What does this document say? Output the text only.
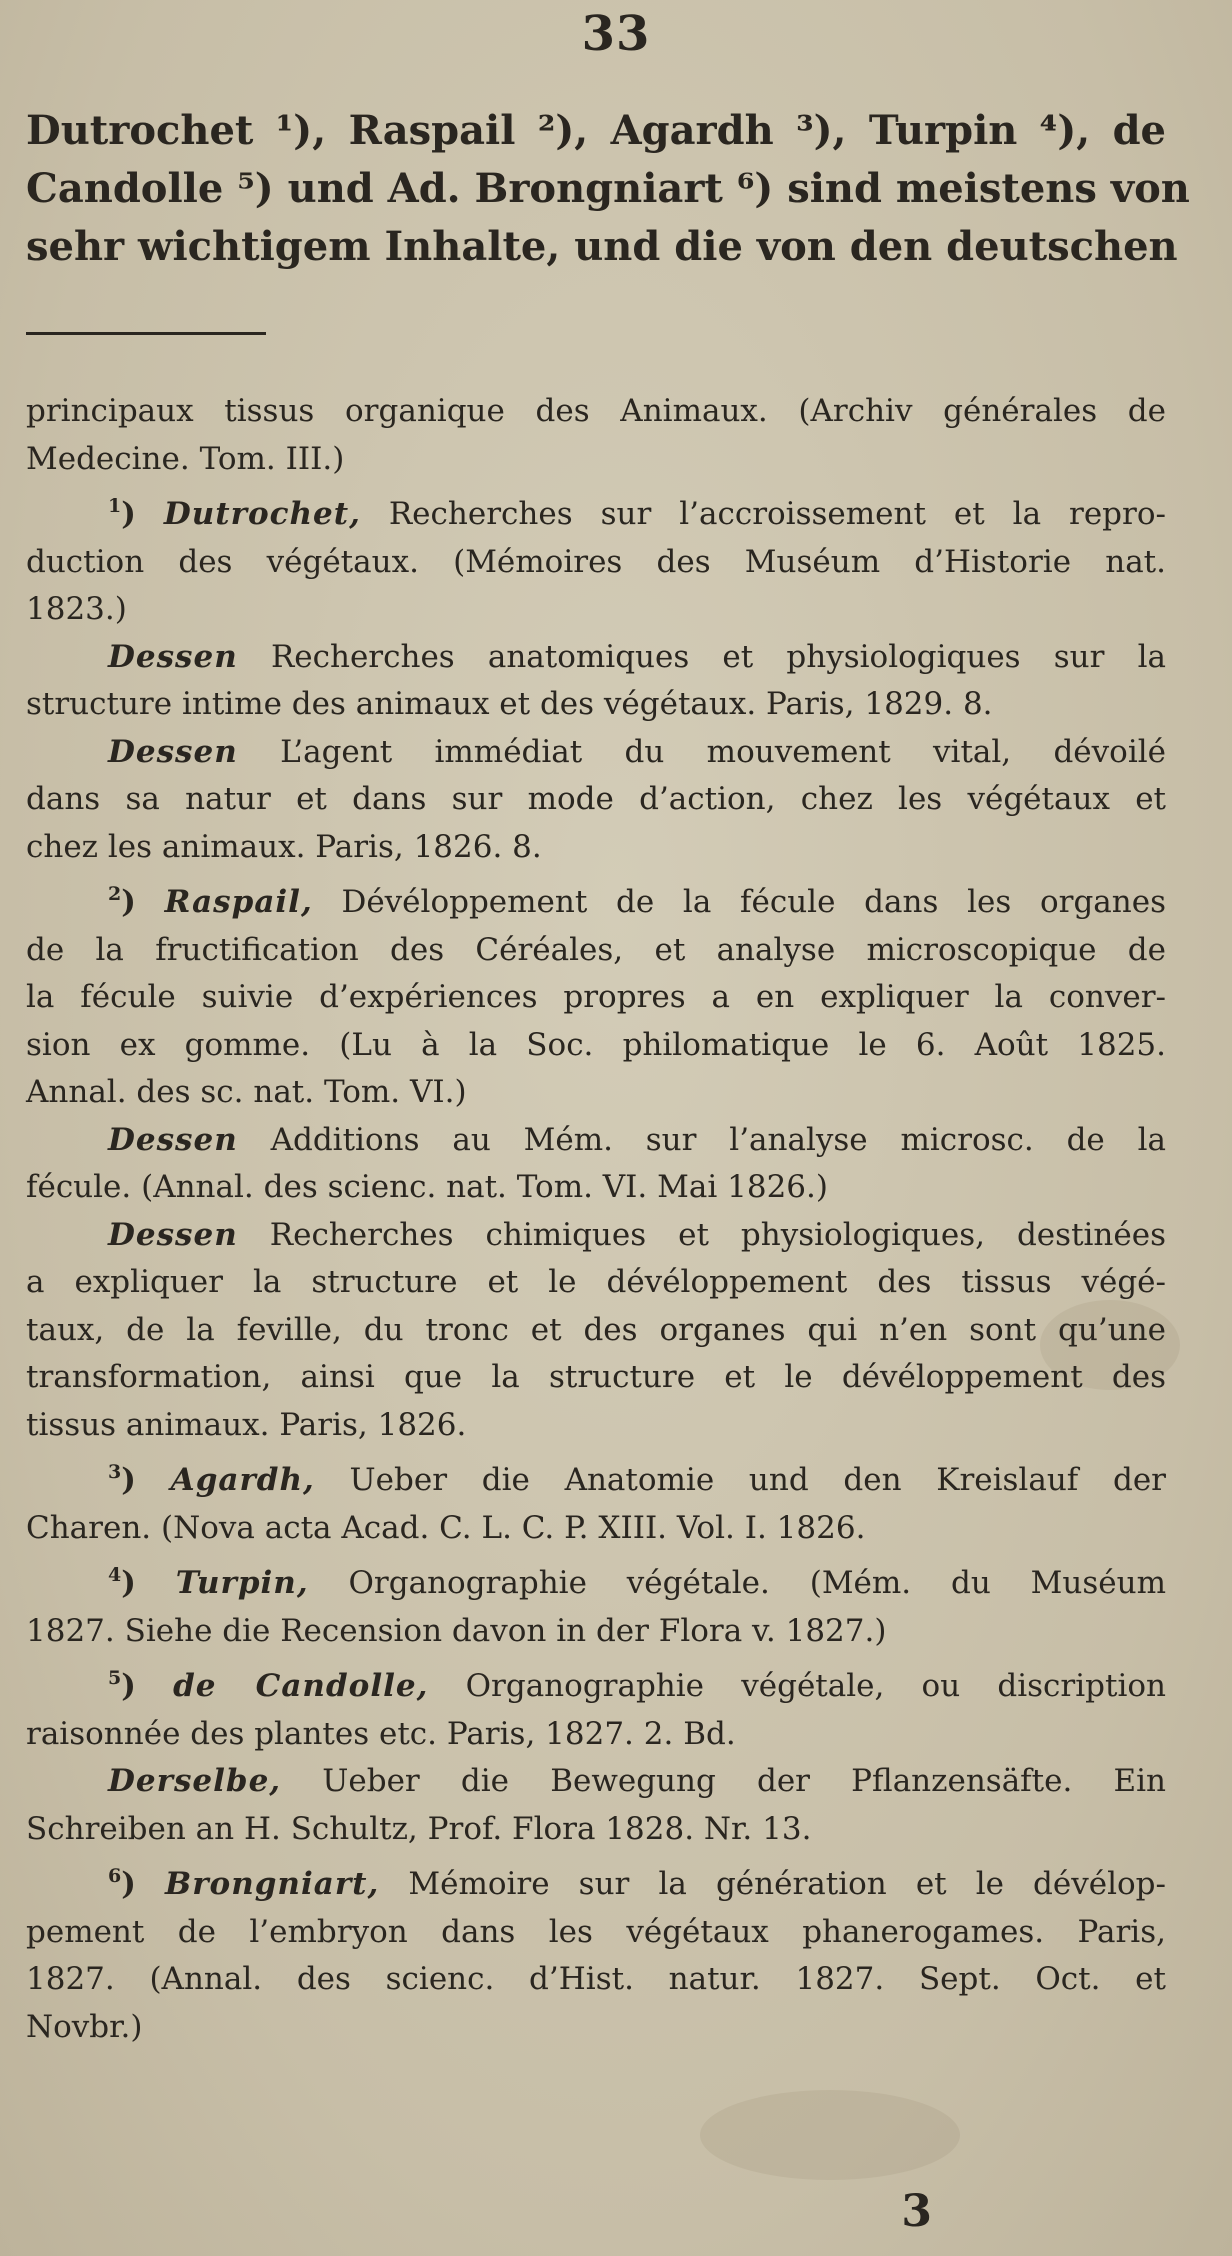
33
Dutrochet ¹), Raspail ²), Agardh ³), Turpin ⁴), de
Candolle ⁵) und Ad. Brongniart ⁶) sind meistens von
sehr wichtigem Inhalte, und die von den deutschen
principaux tissus organique des Animaux. (Archiv générales de
Medecine. Tom. III.)
$^1$) Dutrochet, Recherches sur l’accroissement et la repro-
duction des végétaux. (Mémoires des Muséum d’Historie nat.
1823.)
Dessen Recherches anatomiques et physiologiques sur la
structure intime des animaux et des végétaux. Paris, 1829. 8.
Dessen L’agent immédiat du mouvement vital, dévoilé
dans sa natur et dans sur mode d’action, chez les végétaux et
chez les animaux. Paris, 1826. 8.
$^2$) Raspail, Dévéloppement de la fécule dans les organes
de la fructification des Céréales, et analyse microscopique de
la fécule suivie d’expériences propres a en expliquer la conver-
sion ex gomme. (Lu à la Soc. philomatique le 6. Août 1825.
Annal. des sc. nat. Tom. VI.)
Dessen Additions au Mém. sur l’analyse microsc. de la
fécule. (Annal. des scienc. nat. Tom. VI. Mai 1826.)
Dessen Recherches chimiques et physiologiques, destinées
a expliquer la structure et le dévéloppement des tissus végé-
taux, de la feville, du tronc et des organes qui n’en sont qu’une
transformation, ainsi que la structure et le dévéloppement des
tissus animaux. Paris, 1826.
$^3$) Agardh, Ueber die Anatomie und den Kreislauf der
Charen. (Nova acta Acad. C. L. C. P. XIII. Vol. I. 1826.
$^4$) Turpin, Organographie végétale. (Mém. du Muséum
1827. Siehe die Recension davon in der Flora v. 1827.)
$^5$) de Candolle, Organographie végétale, ou discription
raisonnée des plantes etc. Paris, 1827. 2. Bd.
Derselbe, Ueber die Bewegung der Pflanzensäfte. Ein
Schreiben an H. Schultz, Prof. Flora 1828. Nr. 13.
$^6$) Brongniart, Mémoire sur la génération et le dévélop-
pement de l’embryon dans les végétaux phanerogames. Paris,
1827. (Annal. des scienc. d’Hist. natur. 1827. Sept. Oct. et
Novbr.)
3
